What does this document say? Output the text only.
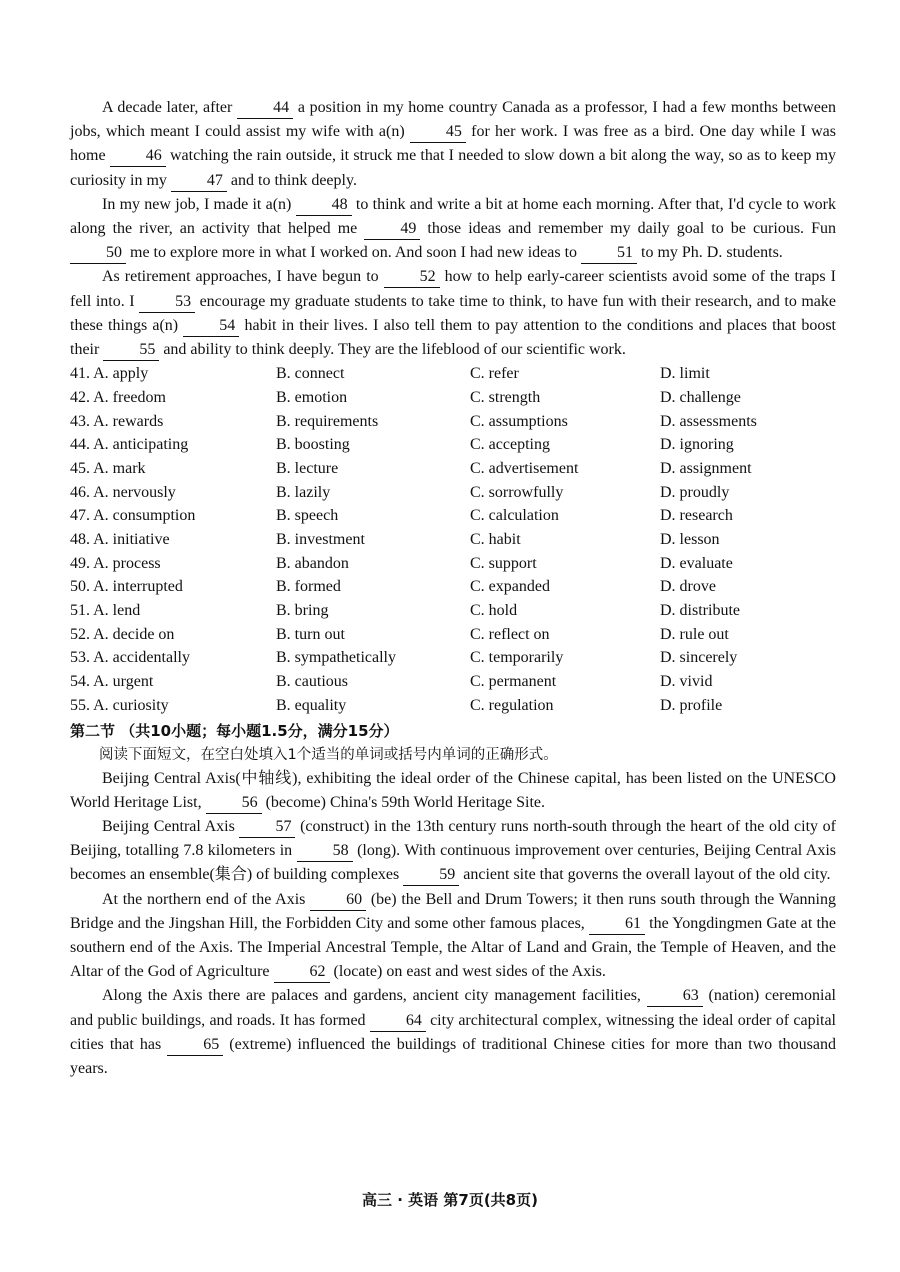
A decade later, after 44 a position in my home country Canada as a professor, I had a few months between jobs, which meant I could assist my wife with a(n) 45 for her work. I was free as a bird. One day while I was home 46 watching the rain outside, it struck me that I needed to slow down a bit along the way, so as to keep my curiosity in my 47 and to think deeply.

In my new job, I made it a(n) 48 to think and write a bit at home each morning. After that, I'd cycle to work along the river, an activity that helped me 49 those ideas and remember my daily goal to be curious. Fun 50 me to explore more in what I worked on. And soon I had new ideas to 51 to my Ph. D. students.

As retirement approaches, I have begun to 52 how to help early-career scientists avoid some of the traps I fell into. I 53 encourage my graduate students to take time to think, to have fun with their research, and to make these things a(n) 54 habit in their lives. I also tell them to pay attention to the conditions and places that boost their 55 and ability to think deeply. They are the lifeblood of our scientific work.

41. A. apply	B. connect	C. refer	D. limit
42. A. freedom	B. emotion	C. strength	D. challenge
43. A. rewards	B. requirements	C. assumptions	D. assessments
44. A. anticipating	B. boosting	C. accepting	D. ignoring
45. A. mark	B. lecture	C. advertisement	D. assignment
46. A. nervously	B. lazily	C. sorrowfully	D. proudly
47. A. consumption	B. speech	C. calculation	D. research
48. A. initiative	B. investment	C. habit	D. lesson
49. A. process	B. abandon	C. support	D. evaluate
50. A. interrupted	B. formed	C. expanded	D. drove
51. A. lend	B. bring	C. hold	D. distribute
52. A. decide on	B. turn out	C. reflect on	D. rule out
53. A. accidentally	B. sympathetically	C. temporarily	D. sincerely
54. A. urgent	B. cautious	C. permanent	D. vivid
55. A. curiosity	B. equality	C. regulation	D. profile

第二节 （共10小题；每小题1.5分，满分15分）

阅读下面短文，在空白处填入1个适当的单词或括号内单词的正确形式。

Beijing Central Axis(中轴线), exhibiting the ideal order of the Chinese capital, has been listed on the UNESCO World Heritage List, 56 (become) China's 59th World Heritage Site.

Beijing Central Axis 57 (construct) in the 13th century runs north-south through the heart of the old city of Beijing, totalling 7.8 kilometers in 58 (long). With continuous improvement over centuries, Beijing Central Axis becomes an ensemble(集合) of building complexes 59 ancient site that governs the overall layout of the old city.

At the northern end of the Axis 60 (be) the Bell and Drum Towers; it then runs south through the Wanning Bridge and the Jingshan Hill, the Forbidden City and some other famous places, 61 the Yongdingmen Gate at the southern end of the Axis. The Imperial Ancestral Temple, the Altar of Land and Grain, the Temple of Heaven, and the Altar of the God of Agriculture 62 (locate) on east and west sides of the Axis.

Along the Axis there are palaces and gardens, ancient city management facilities, 63 (nation) ceremonial and public buildings, and roads. It has formed 64 city architectural complex, witnessing the ideal order of capital cities that has 65 (extreme) influenced the buildings of traditional Chinese cities for more than two thousand years.

高三 · 英语 第7页(共8页)
